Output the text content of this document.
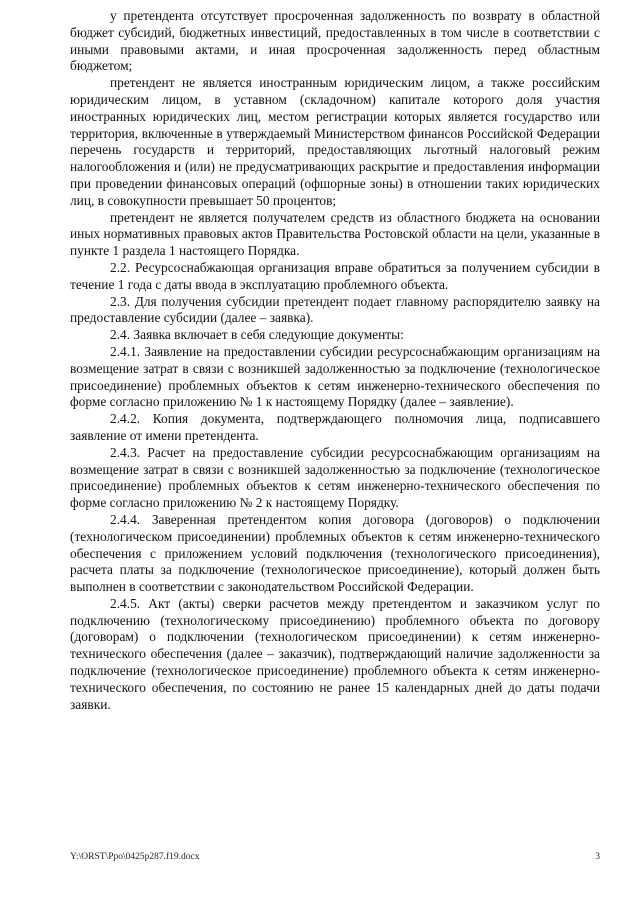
у претендента отсутствует просроченная задолженность по возврату в областной бюджет субсидий, бюджетных инвестиций, предоставленных в том числе в соответствии с иными правовыми актами, и иная просроченная задолженность перед областным бюджетом;

претендент не является иностранным юридическим лицом, а также российским юридическим лицом, в уставном (складочном) капитале которого доля участия иностранных юридических лиц, местом регистрации которых является государство или территория, включенные в утверждаемый Министерством финансов Российской Федерации перечень государств и территорий, предоставляющих льготный налоговый режим налогообложения и (или) не предусматривающих раскрытие и предоставления информации при проведении финансовых операций (офшорные зоны) в отношении таких юридических лиц, в совокупности превышает 50 процентов;

претендент не является получателем средств из областного бюджета на основании иных нормативных правовых актов Правительства Ростовской области на цели, указанные в пункте 1 раздела 1 настоящего Порядка.

2.2. Ресурсоснабжающая организация вправе обратиться за получением субсидии в течение 1 года с даты ввода в эксплуатацию проблемного объекта.

2.3. Для получения субсидии претендент подает главному распорядителю заявку на предоставление субсидии (далее – заявка).

2.4. Заявка включает в себя следующие документы:

2.4.1. Заявление на предоставлении субсидии ресурсоснабжающим организациям на возмещение затрат в связи с возникшей задолженностью за подключение (технологическое присоединение) проблемных объектов к сетям инженерно-технического обеспечения по форме согласно приложению № 1 к настоящему Порядку (далее – заявление).

2.4.2. Копия документа, подтверждающего полномочия лица, подписавшего заявление от имени претендента.

2.4.3. Расчет на предоставление субсидии ресурсоснабжающим организациям на возмещение затрат в связи с возникшей задолженностью за подключение (технологическое присоединение) проблемных объектов к сетям инженерно-технического обеспечения по форме согласно приложению № 2 к настоящему Порядку.

2.4.4. Заверенная претендентом копия договора (договоров) о подключении (технологическом присоединении) проблемных объектов к сетям инженерно-технического обеспечения с приложением условий подключения (технологического присоединения), расчета платы за подключение (технологическое присоединение), который должен быть выполнен в соответствии с законодательством Российской Федерации.

2.4.5. Акт (акты) сверки расчетов между претендентом и заказчиком услуг по подключению (технологическому присоединению) проблемного объекта по договору (договорам) о подключении (технологическом присоединении) к сетям инженерно-технического обеспечения (далее – заказчик), подтверждающий наличие задолженности за подключение (технологическое присоединение) проблемного объекта к сетям инженерно-технического обеспечения, по состоянию не ранее 15 календарных дней до даты подачи заявки.

Y:\ORST\Ppo\0425p287.f19.docx	3
